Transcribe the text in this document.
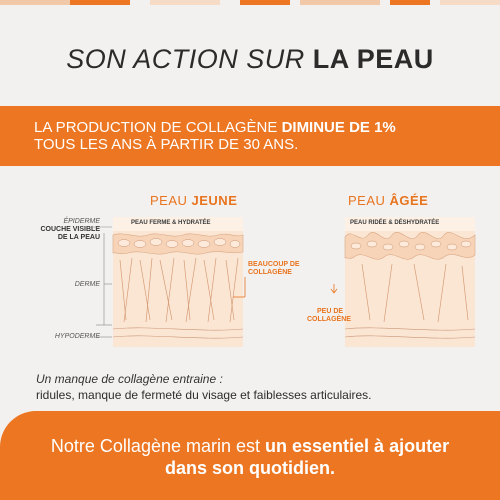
SON ACTION SUR LA PEAU
LA PRODUCTION DE COLLAGÈNE DIMINUE DE 1%
TOUS LES ANS À PARTIR DE 30 ANS.
PEAU JEUNE	PEAU ÂGÉE
ÉPIDERME
COUCHE VISIBLE
DE LA PEAU
DERME
HYPODERME
PEAU FERME & HYDRATÉE	PEAU RIDÉE & DÉSHYDRATÉE
BEAUCOUP DE
COLLAGÈNE
PEU DE
COLLAGÈNE
Un manque de collagène entraine :
ridules, manque de fermeté du visage et faiblesses articulaires.
Notre Collagène marin est un essentiel à ajouter
dans son quotidien.
